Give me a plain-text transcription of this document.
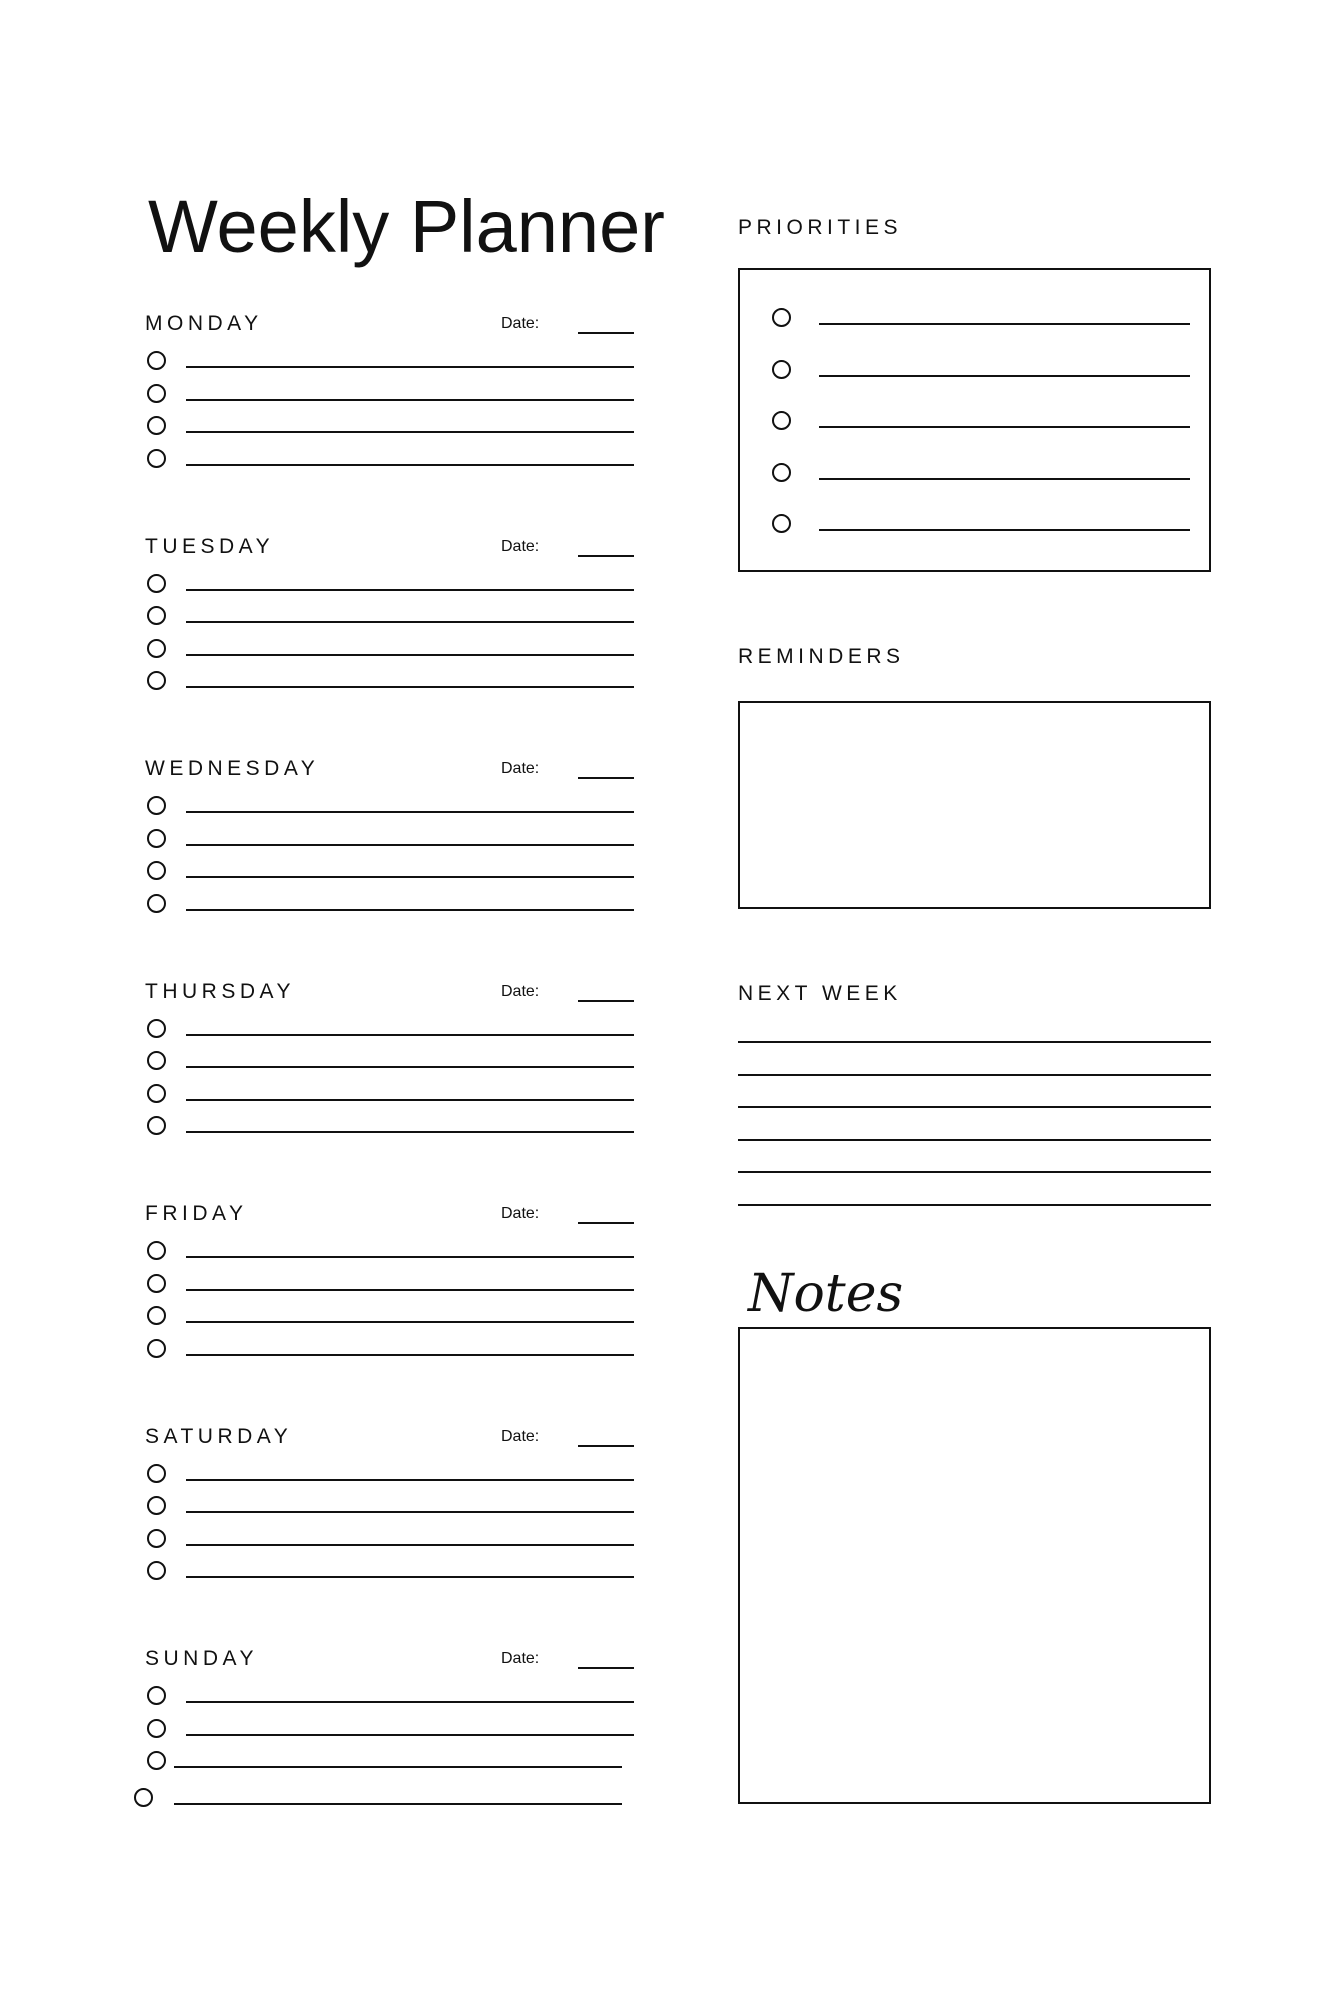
Weekly Planner
MONDAY	Date:
TUESDAY	Date:
WEDNESDAY	Date:
THURSDAY	Date:
FRIDAY	Date:
SATURDAY	Date:
SUNDAY	Date:
PRIORITIES
REMINDERS
NEXT WEEK
Notes
